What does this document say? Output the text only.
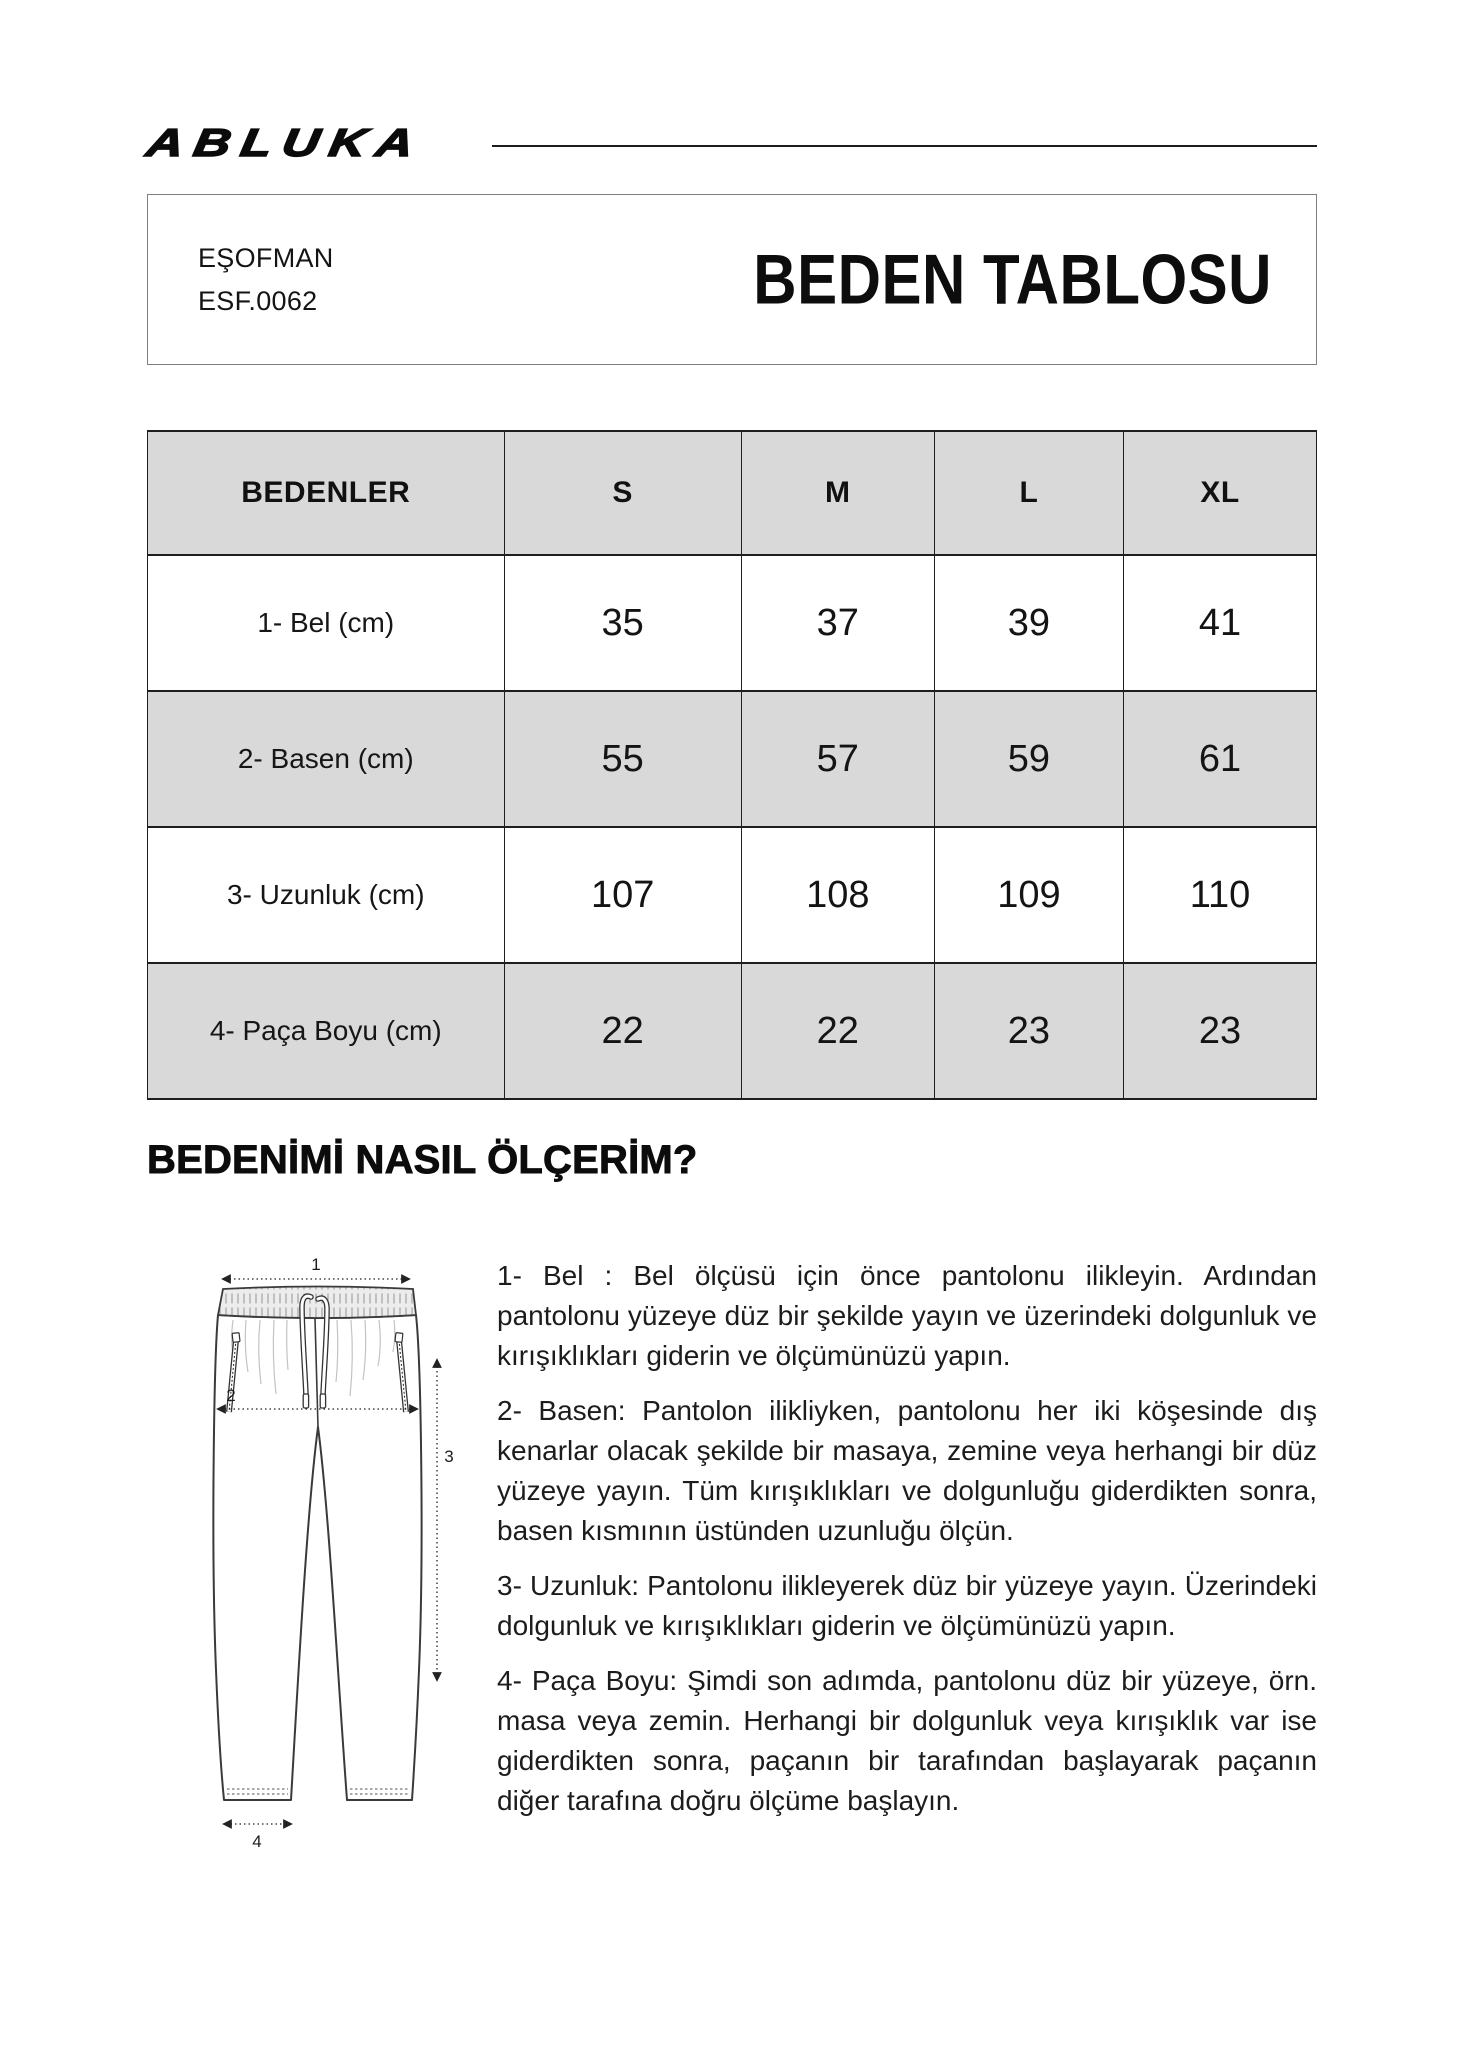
ABLUKA
EŞOFMAN
ESF.0062	BEDEN TABLOSU
BEDENLER	S	M	L	XL
1- Bel (cm)	35	37	39	41
2- Basen (cm)	55	57	59	61
3- Uzunluk (cm)	107	108	109	110
4- Paça Boyu (cm)	22	22	23	23
BEDENİMİ NASIL ÖLÇERİM?
1
2
3
4

1- Bel : Bel ölçüsü için önce pantolonu ilikleyin. Ardından pantolonu yüzeye düz bir şekilde yayın ve üzerindeki dolgunluk ve kırışıklıkları giderin ve ölçümünüzü yapın.

2- Basen: Pantolon ilikliyken, pantolonu her iki köşesinde dış kenarlar olacak şekilde bir masaya, zemine veya herhangi bir düz yüzeye yayın. Tüm kırışıklıkları ve dolgunluğu giderdikten sonra, basen kısmının üstünden uzunluğu ölçün.

3- Uzunluk: Pantolonu ilikleyerek düz bir yüzeye yayın. Üzerindeki dolgunluk ve kırışıklıkları giderin ve ölçümünüzü yapın.

4- Paça Boyu: Şimdi son adımda, pantolonu düz bir yüzeye, örn. masa veya zemin. Herhangi bir dolgunluk veya kırışıklık var ise giderdikten sonra, paçanın bir tarafından başlayarak paçanın diğer tarafına doğru ölçüme başlayın.
